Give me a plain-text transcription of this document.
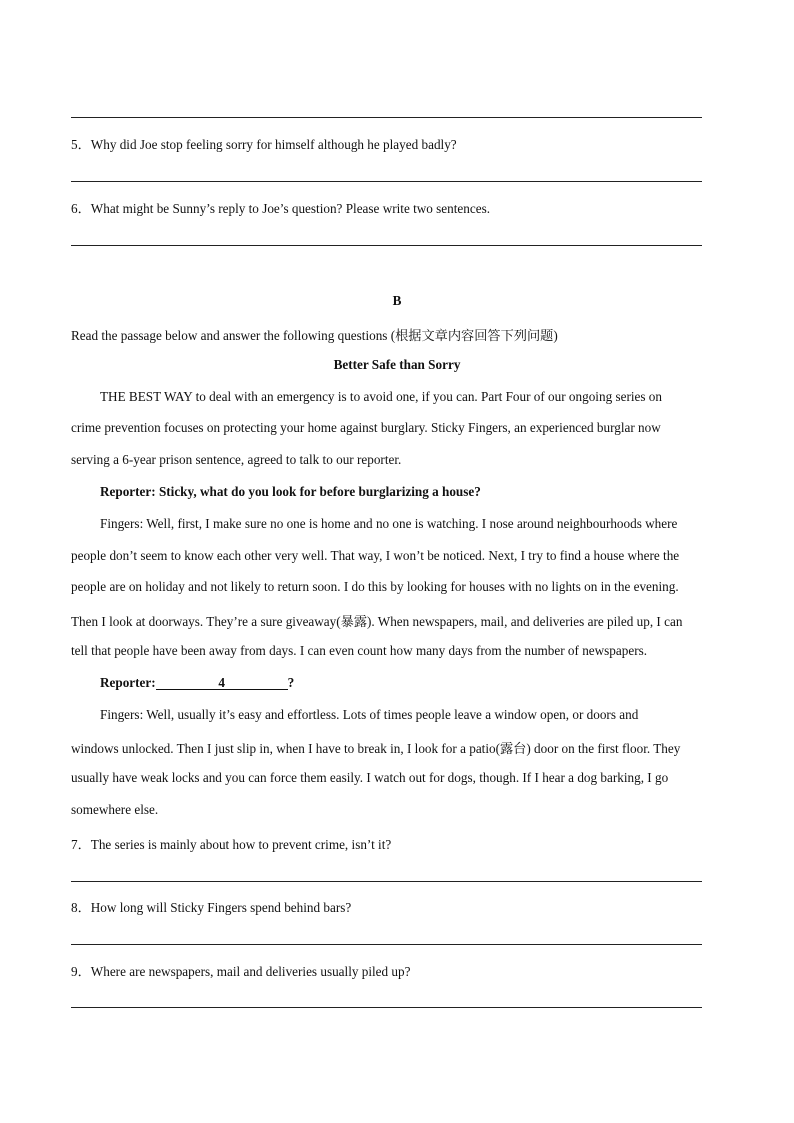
5．Why did Joe stop feeling sorry for himself although he played badly?
6．What might be Sunny’s reply to Joe’s question? Please write two sentences.
B
Read the passage below and answer the following questions (根据文章内容回答下列问题)
Better Safe than Sorry
THE BEST WAY to deal with an emergency is to avoid one, if you can. Part Four of our ongoing series on
crime prevention focuses on protecting your home against burglary. Sticky Fingers, an experienced burglar now
serving a 6-year prison sentence, agreed to talk to our reporter.
Reporter: Sticky, what do you look for before burglarizing a house?
Fingers: Well, first, I make sure no one is home and no one is watching. I nose around neighbourhoods where
people don’t seem to know each other very well. That way, I won’t be noticed. Next, I try to find a house where the
people are on holiday and not likely to return soon. I do this by looking for houses with no lights on in the evening.
Then I look at doorways. They’re a sure giveaway(暴露). When newspapers, mail, and deliveries are piled up, I can
tell that people have been away from days. I can even count how many days from the number of newspapers.
Reporter:	4	?
Fingers: Well, usually it’s easy and effortless. Lots of times people leave a window open, or doors and
windows unlocked. Then I just slip in, when I have to break in, I look for a patio(露台) door on the first floor. They
usually have weak locks and you can force them easily. I watch out for dogs, though. If I hear a dog barking, I go
somewhere else.
7．The series is mainly about how to prevent crime, isn’t it?
8．How long will Sticky Fingers spend behind bars?
9．Where are newspapers, mail and deliveries usually piled up?
